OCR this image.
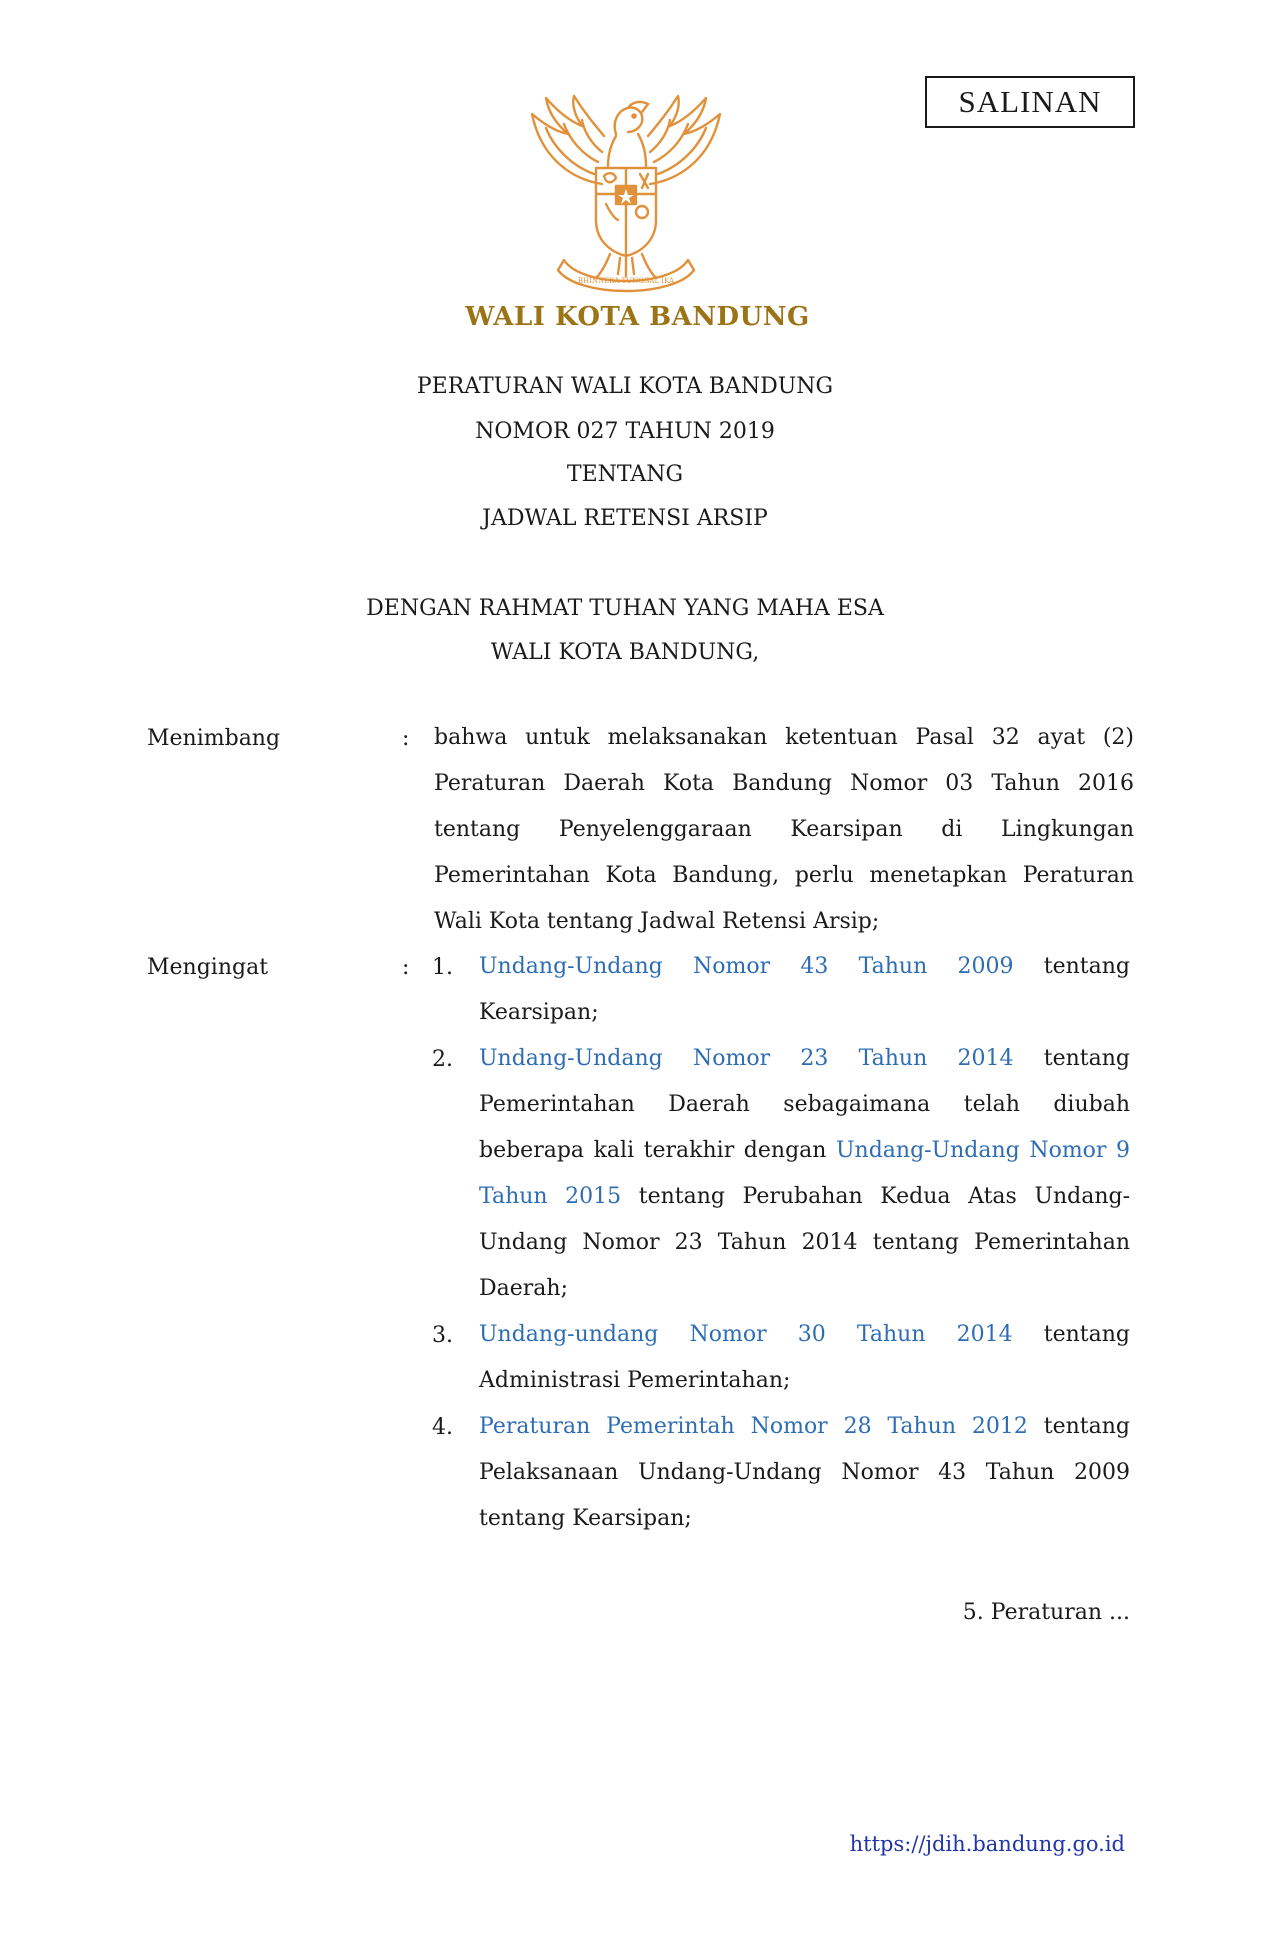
SALINAN
BHINNEKA TUNGGAL IKA
WALI KOTA BANDUNG
PERATURAN WALI KOTA BANDUNG
NOMOR 027 TAHUN 2019
TENTANG
JADWAL RETENSI ARSIP
DENGAN RAHMAT TUHAN YANG MAHA ESA
WALI KOTA BANDUNG,
Menimbang	: bahwa untuk melaksanakan ketentuan Pasal 32 ayat (2) Peraturan Daerah Kota Bandung Nomor 03 Tahun 2016 tentang Penyelenggaraan Kearsipan di Lingkungan Pemerintahan Kota Bandung, perlu menetapkan Peraturan Wali Kota tentang Jadwal Retensi Arsip;

Mengingat	: 1. Undang-Undang Nomor 43 Tahun 2009 tentang Kearsipan;

2. Undang-Undang Nomor 23 Tahun 2014 tentang Pemerintahan Daerah sebagaimana telah diubah beberapa kali terakhir dengan Undang-Undang Nomor 9 Tahun 2015 tentang Perubahan Kedua Atas Undang-Undang Nomor 23 Tahun 2014 tentang Pemerintahan Daerah;

3. Undang-undang Nomor 30 Tahun 2014 tentang Administrasi Pemerintahan;

4. Peraturan Pemerintah Nomor 28 Tahun 2012 tentang Pelaksanaan Undang-Undang Nomor 43 Tahun 2009 tentang Kearsipan;

5. Peraturan ...
https://jdih.bandung.go.id
